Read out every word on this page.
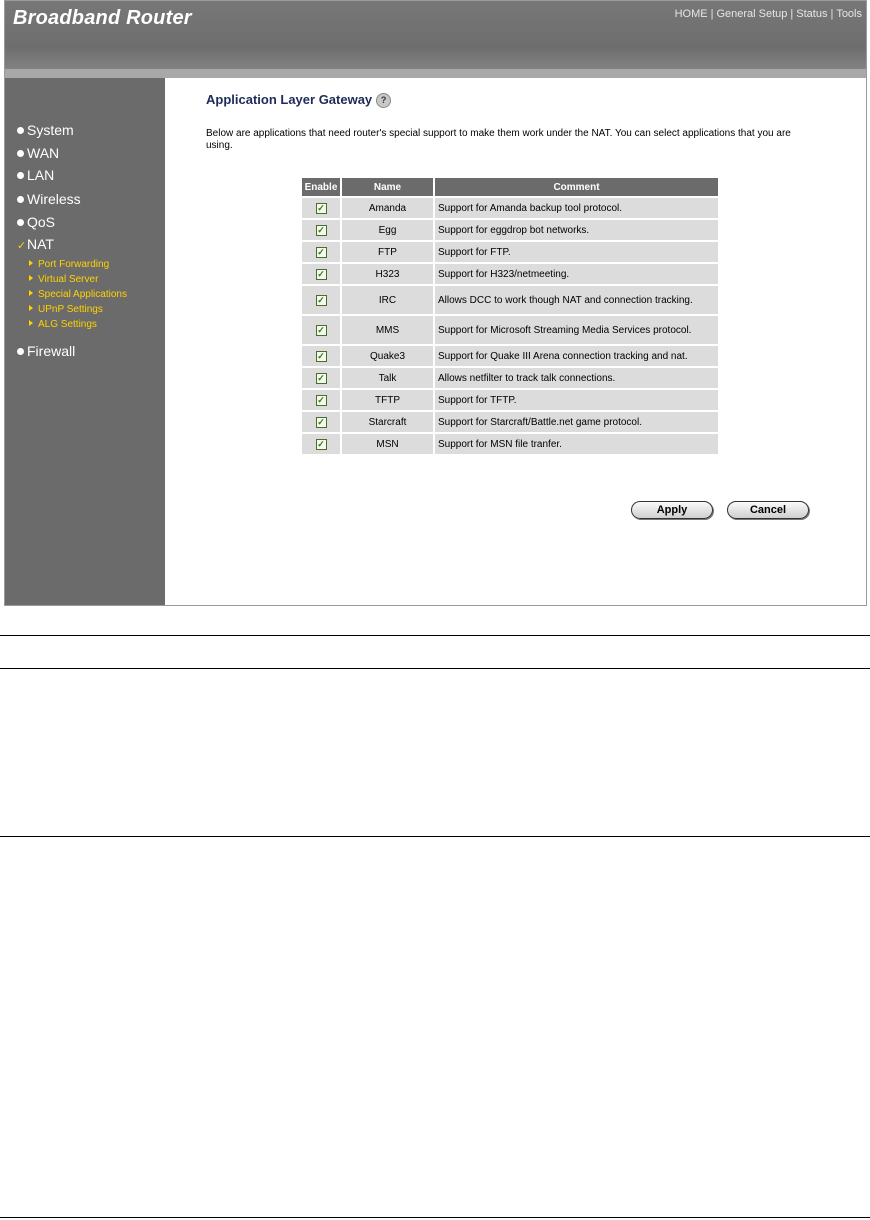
Broadband Router	HOME | General Setup | Status | Tools
System
WAN
LAN
Wireless
QoS
✓NAT
Port Forwarding
Virtual Server
Special Applications
UPnP Settings
ALG Settings
Firewall
Application Layer Gateway ?
Below are applications that need router's special support to make them work under the NAT. You can select applications that you are using.
Enable	Name	Comment
✓	Amanda	Support for Amanda backup tool protocol.
✓	Egg	Support for eggdrop bot networks.
✓	FTP	Support for FTP.
✓	H323	Support for H323/netmeeting.
✓	IRC	Allows DCC to work though NAT and connection tracking.
✓	MMS	Support for Microsoft Streaming Media Services protocol.
✓	Quake3	Support for Quake III Arena connection tracking and nat.
✓	Talk	Allows netfilter to track talk connections.
✓	TFTP	Support for TFTP.
✓	Starcraft	Support for Starcraft/Battle.net game protocol.
✓	MSN	Support for MSN file tranfer.
Apply	Cancel
